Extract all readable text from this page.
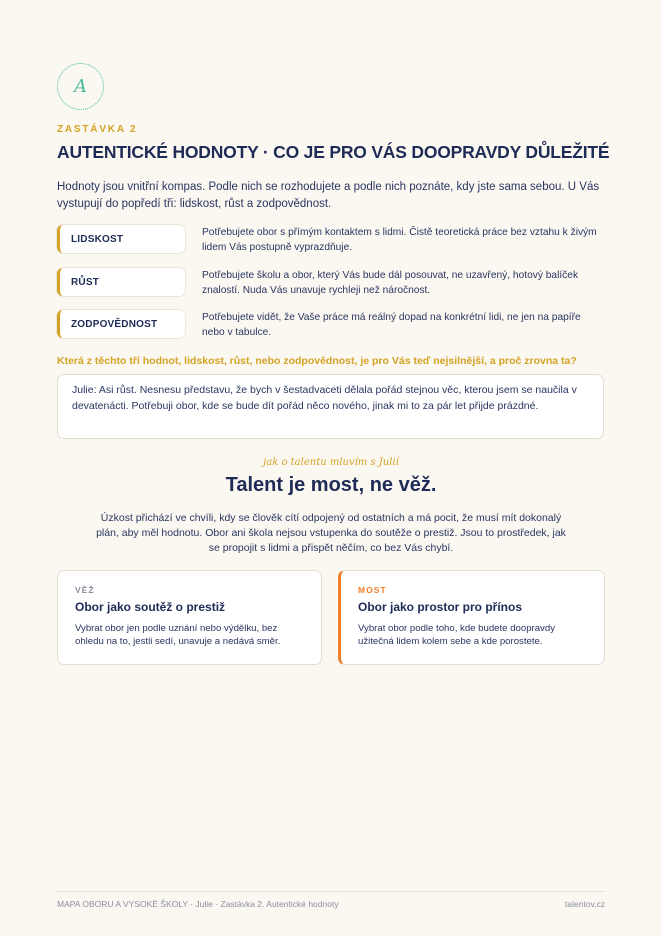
A
ZASTÁVKA 2
AUTENTICKÉ HODNOTY · CO JE PRO VÁS DOOPRAVDY DŮLEŽITÉ
Hodnoty jsou vnitřní kompas. Podle nich se rozhodujete a podle nich poznáte, kdy jste sama sebou. U Vás vystupují do popředí tři: lidskost, růst a zodpovědnost.
LIDSKOST
Potřebujete obor s přímým kontaktem s lidmi. Čistě teoretická práce bez vztahu k živým lidem Vás postupně vyprazdňuje.
RŮST
Potřebujete školu a obor, který Vás bude dál posouvat, ne uzavřený, hotový balíček znalostí. Nuda Vás unavuje rychleji než náročnost.
ZODPOVĚDNOST
Potřebujete vidět, že Vaše práce má reálný dopad na konkrétní lidi, ne jen na papíře nebo v tabulce.
Která z těchto tří hodnot, lidskost, růst, nebo zodpovědnost, je pro Vás teď nejsilnější, a proč zrovna ta?
Julie: Asi růst. Nesnesu představu, že bych v šestadvaceti dělala pořád stejnou věc, kterou jsem se naučila v devatenácti. Potřebuji obor, kde se bude dít pořád něco nového, jinak mi to za pár let přijde prázdné.
jak o talentu mluvím s Julií
Talent je most, ne věž.
Úzkost přichází ve chvíli, kdy se člověk cítí odpojený od ostatních a má pocit, že musí mít dokonalý plán, aby měl hodnotu. Obor ani škola nejsou vstupenka do soutěže o prestiž. Jsou to prostředek, jak se propojit s lidmi a přispět něčím, co bez Vás chybí.
VĚŽ
Obor jako soutěž o prestiž
Vybrat obor jen podle uznání nebo výdělku, bez ohledu na to, jestli sedí, unavuje a nedává směr.
MOST
Obor jako prostor pro přínos
Vybrat obor podle toho, kde budete doopravdy užitečná lidem kolem sebe a kde porostete.
MAPA OBORU A VYSOKÉ ŠKOLY · Julie · Zastávka 2. Autentické hodnoty	talentov.cz
